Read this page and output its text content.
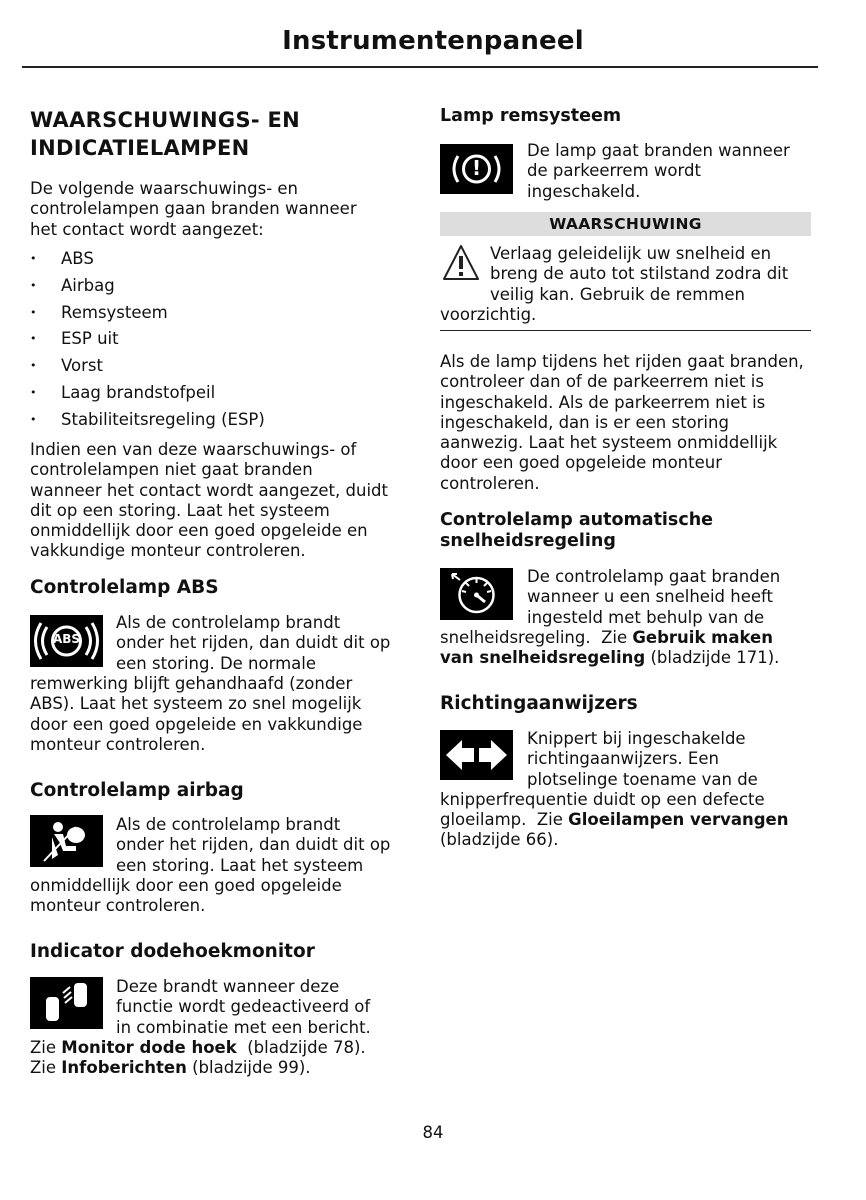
Instrumentenpaneel
WAARSCHUWINGS- EN
INDICATIELAMPEN
De volgende waarschuwings- en
controlelampen gaan branden wanneer
het contact wordt aangezet:
• ABS
• Airbag
• Remsysteem
• ESP uit
• Vorst
• Laag brandstofpeil
• Stabiliteitsregeling (ESP)
Indien een van deze waarschuwings- of
controlelampen niet gaat branden
wanneer het contact wordt aangezet, duidt
dit op een storing. Laat het systeem
onmiddellijk door een goed opgeleide en
vakkundige monteur controleren.
Controlelamp ABS
ABS
Als de controlelamp brandt
onder het rijden, dan duidt dit op
een storing. De normale
remwerking blijft gehandhaafd (zonder
ABS). Laat het systeem zo snel mogelijk
door een goed opgeleide en vakkundige
monteur controleren.
Controlelamp airbag
Als de controlelamp brandt
onder het rijden, dan duidt dit op
een storing. Laat het systeem
onmiddellijk door een goed opgeleide
monteur controleren.
Indicator dodehoekmonitor
Deze brandt wanneer deze
functie wordt gedeactiveerd of
in combinatie met een bericht.
Zie Monitor dode hoek  (bladzijde 78).
Zie Infoberichten (bladzijde 99).
Lamp remsysteem
!
De lamp gaat branden wanneer
de parkeerrem wordt
ingeschakeld.
WAARSCHUWING
Verlaag geleidelijk uw snelheid en
breng de auto tot stilstand zodra dit
veilig kan. Gebruik de remmen
voorzichtig.
Als de lamp tijdens het rijden gaat branden,
controleer dan of de parkeerrem niet is
ingeschakeld. Als de parkeerrem niet is
ingeschakeld, dan is er een storing
aanwezig. Laat het systeem onmiddellijk
door een goed opgeleide monteur
controleren.
Controlelamp automatische
snelheidsregeling
De controlelamp gaat branden
wanneer u een snelheid heeft
ingesteld met behulp van de
snelheidsregeling.  Zie Gebruik maken
van snelheidsregeling (bladzijde 171).
Richtingaanwijzers
Knippert bij ingeschakelde
richtingaanwijzers. Een
plotselinge toename van de
knipperfrequentie duidt op een defecte
gloeilamp.  Zie Gloeilampen vervangen
(bladzijde 66).
84
